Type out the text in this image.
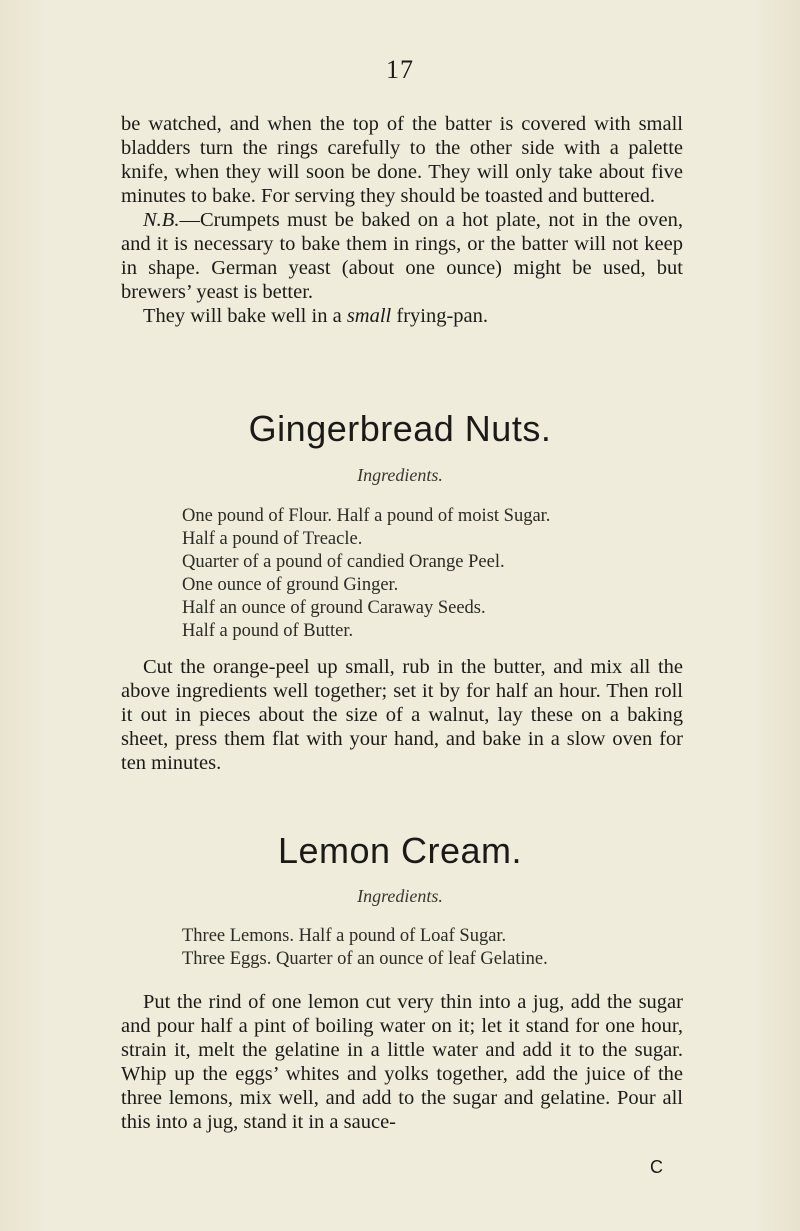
17

be watched, and when the top of the batter is covered with small bladders turn the rings carefully to the other side with a palette knife, when they will soon be done. They will only take about five minutes to bake. For serving they should be toasted and buttered.

N.B.—Crumpets must be baked on a hot plate, not in the oven, and it is necessary to bake them in rings, or the batter will not keep in shape. German yeast (about one ounce) might be used, but brewers’ yeast is better.

They will bake well in a small frying-pan.

Gingerbread Nuts.
Ingredients.
One pound of Flour. Half a pound of moist Sugar.
Half a pound of Treacle.
Quarter of a pound of candied Orange Peel.
One ounce of ground Ginger.
Half an ounce of ground Caraway Seeds.
Half a pound of Butter.

Cut the orange-peel up small, rub in the butter, and mix all the above ingredients well together; set it by for half an hour. Then roll it out in pieces about the size of a walnut, lay these on a baking sheet, press them flat with your hand, and bake in a slow oven for ten minutes.

Lemon Cream.
Ingredients.
Three Lemons. Half a pound of Loaf Sugar.
Three Eggs. Quarter of an ounce of leaf Gelatine.

Put the rind of one lemon cut very thin into a jug, add the sugar and pour half a pint of boiling water on it; let it stand for one hour, strain it, melt the gelatine in a little water and add it to the sugar. Whip up the eggs’ whites and yolks together, add the juice of the three lemons, mix well, and add to the sugar and gelatine. Pour all this into a jug, stand it in a sauce-

C
